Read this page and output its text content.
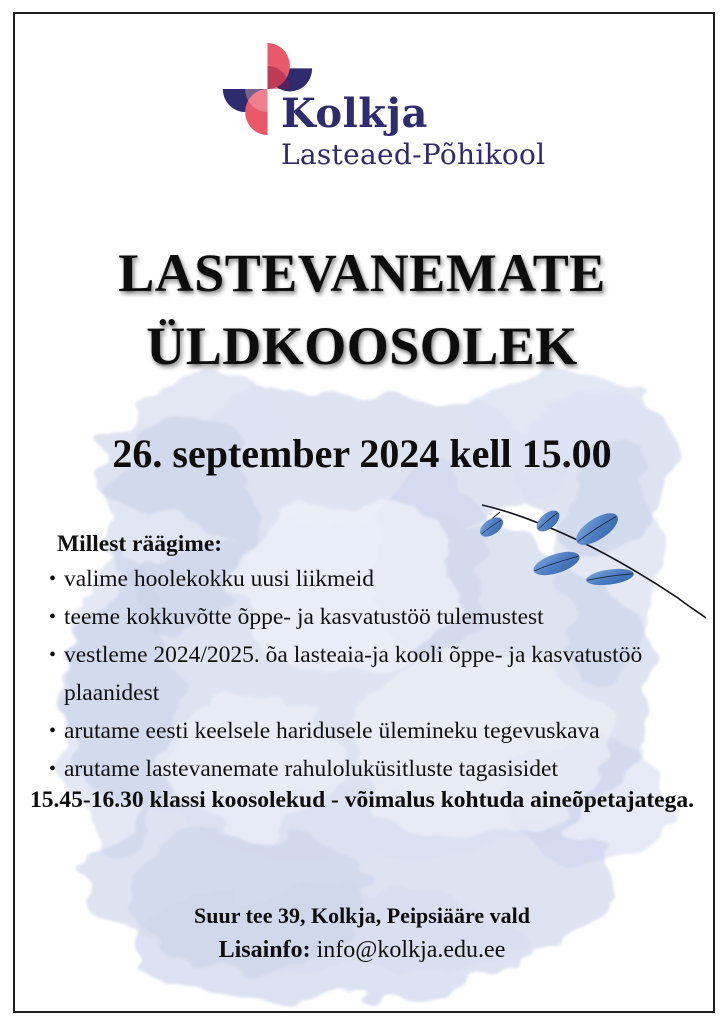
Kolkja
Lasteaed-Põhikool
LASTEVANEMATE
ÜLDKOOSOLEK
26. september 2024 kell 15.00
Millest räägime:
• valime hoolekokku uusi liikmeid
• teeme kokkuvõtte õppe- ja kasvatustöö tulemustest
• vestleme 2024/2025. õa lasteaia-ja kooli õppe- ja kasvatustöö
plaanidest
• arutame eesti keelsele haridusele ülemineku tegevuskava
• arutame lastevanemate rahuloluküsitluste tagasisidet
15.45-16.30 klassi koosolekud - võimalus kohtuda aineõpetajatega.
Suur tee 39, Kolkja, Peipsiääre vald
Lisainfo: info@kolkja.edu.ee
